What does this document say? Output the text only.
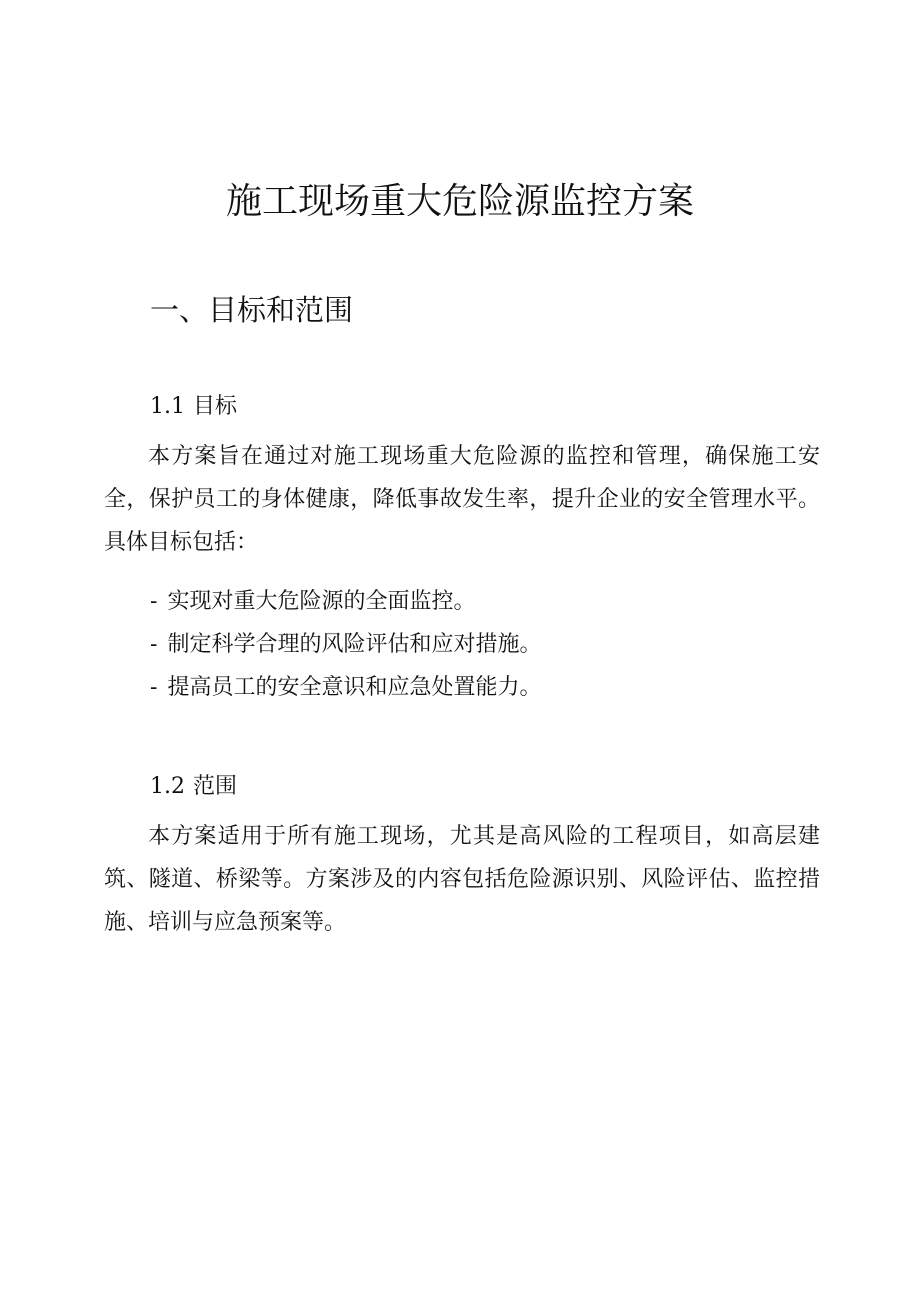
施工现场重大危险源监控方案
一、目标和范围
1.1 目标

本方案旨在通过对施工现场重大危险源的监控和管理，确保施工安全，保护员工的身体健康，降低事故发生率，提升企业的安全管理水平。具体目标包括：

- 实现对重大危险源的全面监控。
- 制定科学合理的风险评估和应对措施。
- 提高员工的安全意识和应急处置能力。
1.2 范围

本方案适用于所有施工现场，尤其是高风险的工程项目，如高层建筑、隧道、桥梁等。方案涉及的内容包括危险源识别、风险评估、监控措施、培训与应急预案等。
